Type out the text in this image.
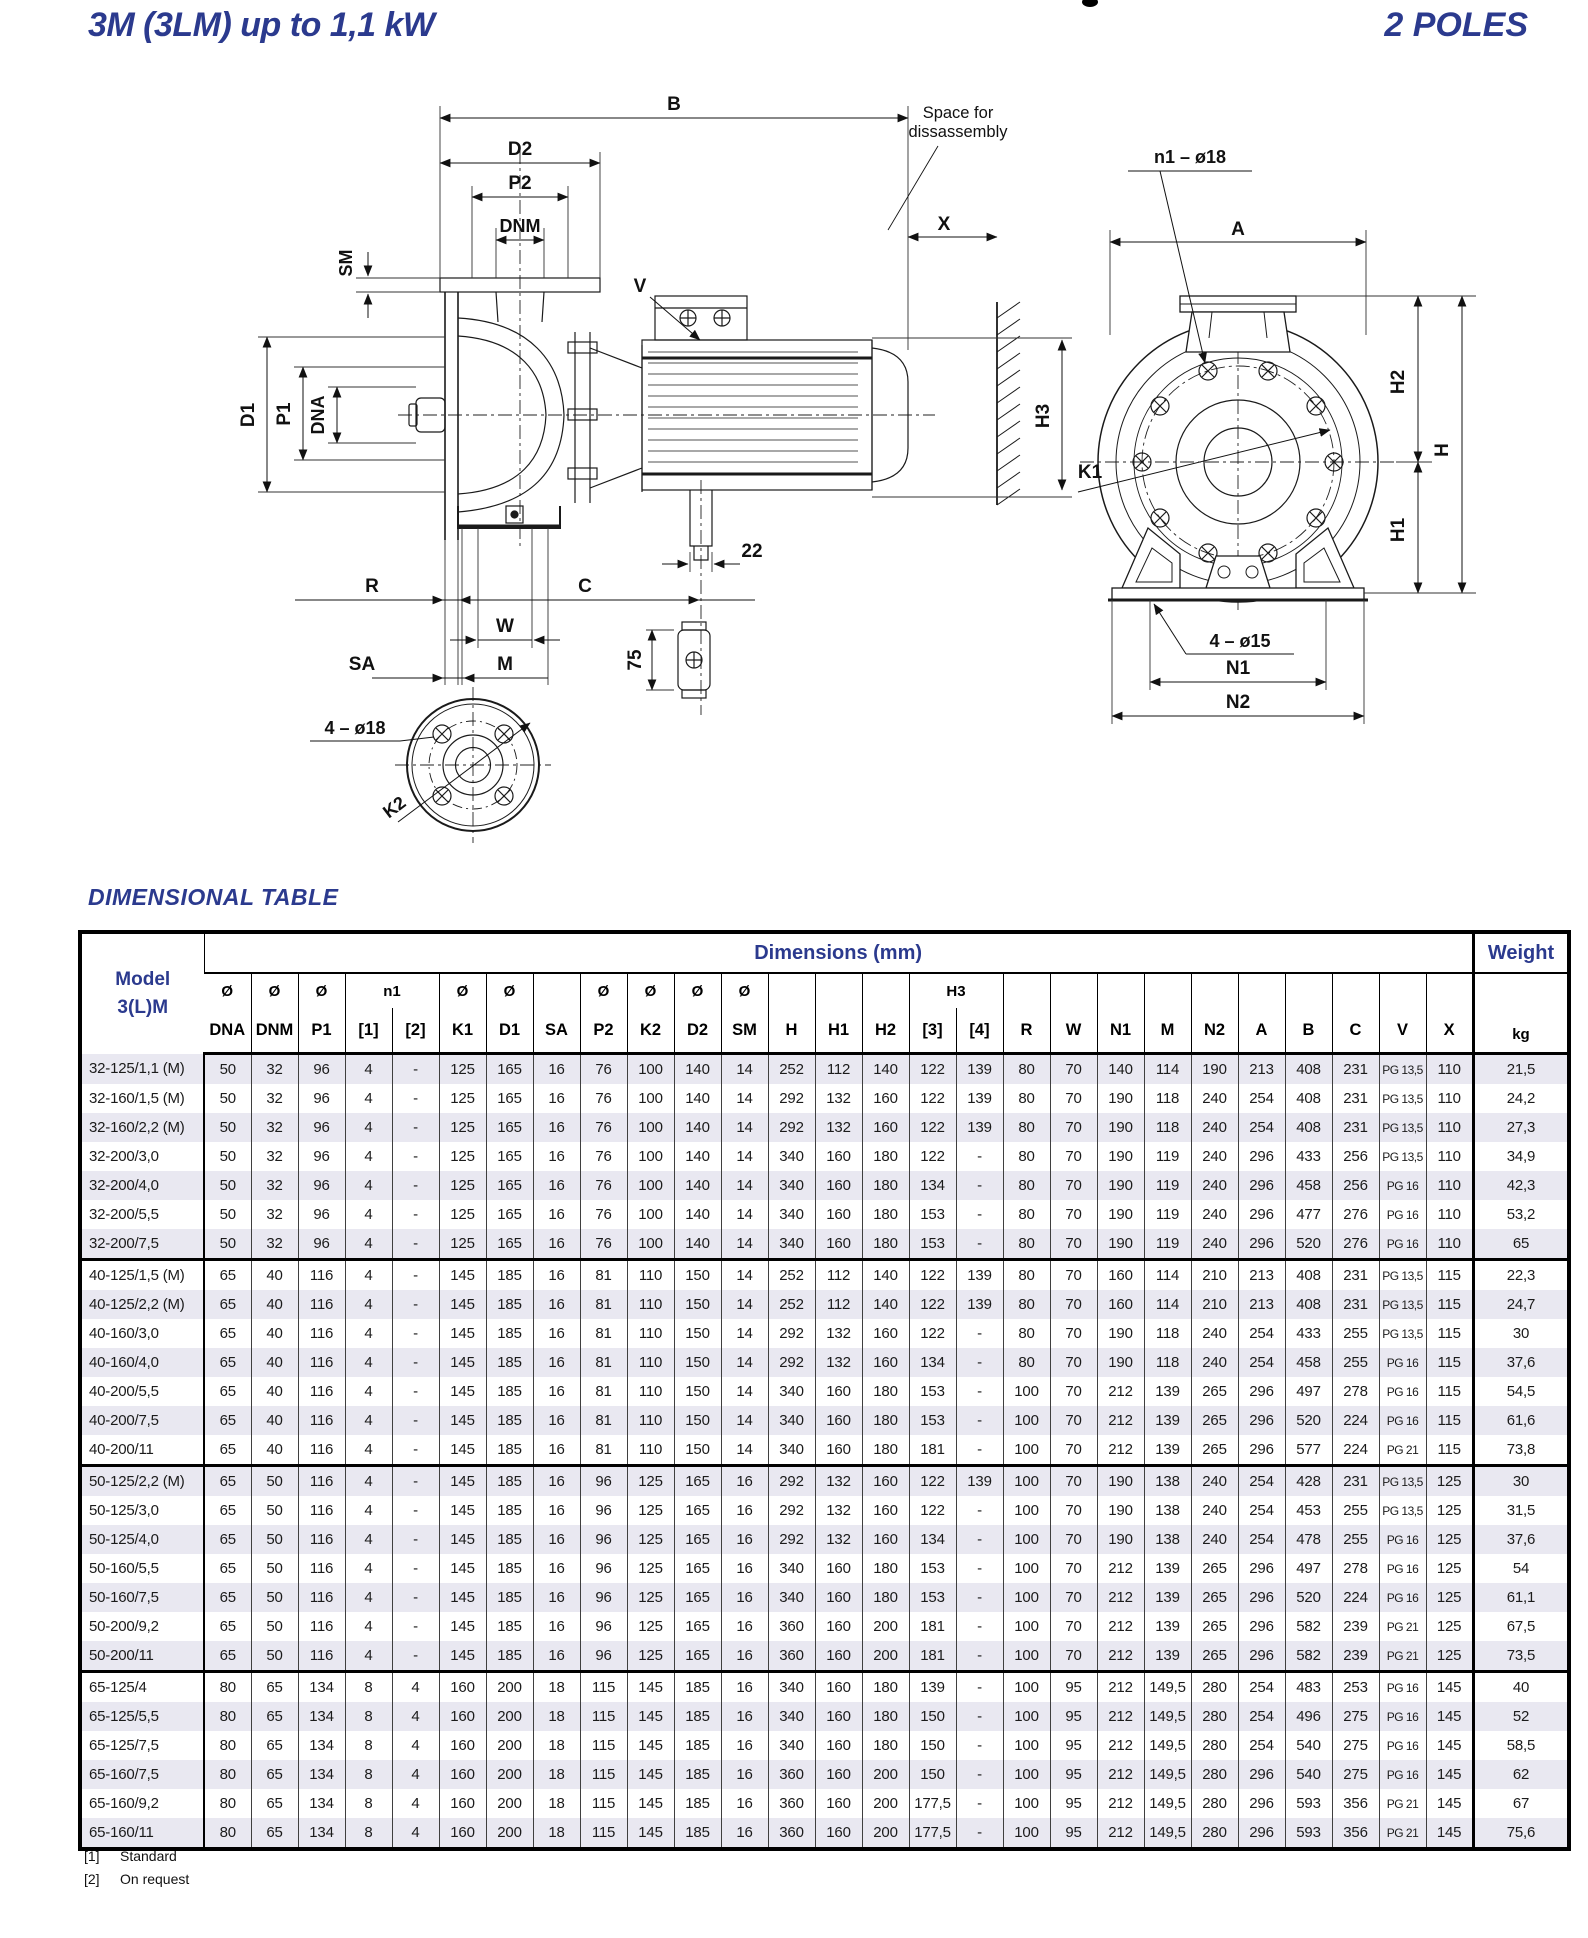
3M (3LM) up to 1,1 kW	2 POLES
B
D2
P2
DNM
SM
V
D1 P1 DNA
R	C
W
SA	M
22
75
H3
X
Space for
dissassembly
4 – ø18
K2
n1 – ø18
A
H2
H
H1
K1
4 – ø15
N1
N2
DIMENSIONAL TABLE
Model
3(L)M	Dimensions (mm)																											Weight
	Ø	Ø	Ø	n1		Ø	Ø		Ø	Ø	Ø	Ø				H3												kg
	DNA	DNM	P1	[1]	[2]	K1	D1	SA	P2	K2	D2	SM	H	H1	H2	[3]	[4]	R	W	N1	M	N2	A	B	C	V	X	
32-125/1,1 (M)	50	32	96	4	-	125	165	16	76	100	140	14	252	112	140	122	139	80	70	140	114	190	213	408	231	PG 13,5	110	21,5
32-160/1,5 (M)	50	32	96	4	-	125	165	16	76	100	140	14	292	132	160	122	139	80	70	190	118	240	254	408	231	PG 13,5	110	24,2
32-160/2,2 (M)	50	32	96	4	-	125	165	16	76	100	140	14	292	132	160	122	139	80	70	190	118	240	254	408	231	PG 13,5	110	27,3
32-200/3,0	50	32	96	4	-	125	165	16	76	100	140	14	340	160	180	122	-	80	70	190	119	240	296	433	256	PG 13,5	110	34,9
32-200/4,0	50	32	96	4	-	125	165	16	76	100	140	14	340	160	180	134	-	80	70	190	119	240	296	458	256	PG 16	110	42,3
32-200/5,5	50	32	96	4	-	125	165	16	76	100	140	14	340	160	180	153	-	80	70	190	119	240	296	477	276	PG 16	110	53,2
32-200/7,5	50	32	96	4	-	125	165	16	76	100	140	14	340	160	180	153	-	80	70	190	119	240	296	520	276	PG 16	110	65
40-125/1,5 (M)	65	40	116	4	-	145	185	16	81	110	150	14	252	112	140	122	139	80	70	160	114	210	213	408	231	PG 13,5	115	22,3
40-125/2,2 (M)	65	40	116	4	-	145	185	16	81	110	150	14	252	112	140	122	139	80	70	160	114	210	213	408	231	PG 13,5	115	24,7
40-160/3,0	65	40	116	4	-	145	185	16	81	110	150	14	292	132	160	122	-	80	70	190	118	240	254	433	255	PG 13,5	115	30
40-160/4,0	65	40	116	4	-	145	185	16	81	110	150	14	292	132	160	134	-	80	70	190	118	240	254	458	255	PG 16	115	37,6
40-200/5,5	65	40	116	4	-	145	185	16	81	110	150	14	340	160	180	153	-	100	70	212	139	265	296	497	278	PG 16	115	54,5
40-200/7,5	65	40	116	4	-	145	185	16	81	110	150	14	340	160	180	153	-	100	70	212	139	265	296	520	224	PG 16	115	61,6
40-200/11	65	40	116	4	-	145	185	16	81	110	150	14	340	160	180	181	-	100	70	212	139	265	296	577	224	PG 21	115	73,8
50-125/2,2 (M)	65	50	116	4	-	145	185	16	96	125	165	16	292	132	160	122	139	100	70	190	138	240	254	428	231	PG 13,5	125	30
50-125/3,0	65	50	116	4	-	145	185	16	96	125	165	16	292	132	160	122	-	100	70	190	138	240	254	453	255	PG 13,5	125	31,5
50-125/4,0	65	50	116	4	-	145	185	16	96	125	165	16	292	132	160	134	-	100	70	190	138	240	254	478	255	PG 16	125	37,6
50-160/5,5	65	50	116	4	-	145	185	16	96	125	165	16	340	160	180	153	-	100	70	212	139	265	296	497	278	PG 16	125	54
50-160/7,5	65	50	116	4	-	145	185	16	96	125	165	16	340	160	180	153	-	100	70	212	139	265	296	520	224	PG 16	125	61,1
50-200/9,2	65	50	116	4	-	145	185	16	96	125	165	16	360	160	200	181	-	100	70	212	139	265	296	582	239	PG 21	125	67,5
50-200/11	65	50	116	4	-	145	185	16	96	125	165	16	360	160	200	181	-	100	70	212	139	265	296	582	239	PG 21	125	73,5
65-125/4	80	65	134	8	4	160	200	18	115	145	185	16	340	160	180	139	-	100	95	212	149,5	280	254	483	253	PG 16	145	40
65-125/5,5	80	65	134	8	4	160	200	18	115	145	185	16	340	160	180	150	-	100	95	212	149,5	280	254	496	275	PG 16	145	52
65-125/7,5	80	65	134	8	4	160	200	18	115	145	185	16	340	160	180	150	-	100	95	212	149,5	280	254	540	275	PG 16	145	58,5
65-160/7,5	80	65	134	8	4	160	200	18	115	145	185	16	360	160	200	150	-	100	95	212	149,5	280	296	540	275	PG 16	145	62
65-160/9,2	80	65	134	8	4	160	200	18	115	145	185	16	360	160	200	177,5	-	100	95	212	149,5	280	296	593	356	PG 21	145	67
65-160/11	80	65	134	8	4	160	200	18	115	145	185	16	360	160	200	177,5	-	100	95	212	149,5	280	296	593	356	PG 21	145	75,6
[1]	Standard
[2]	On request
